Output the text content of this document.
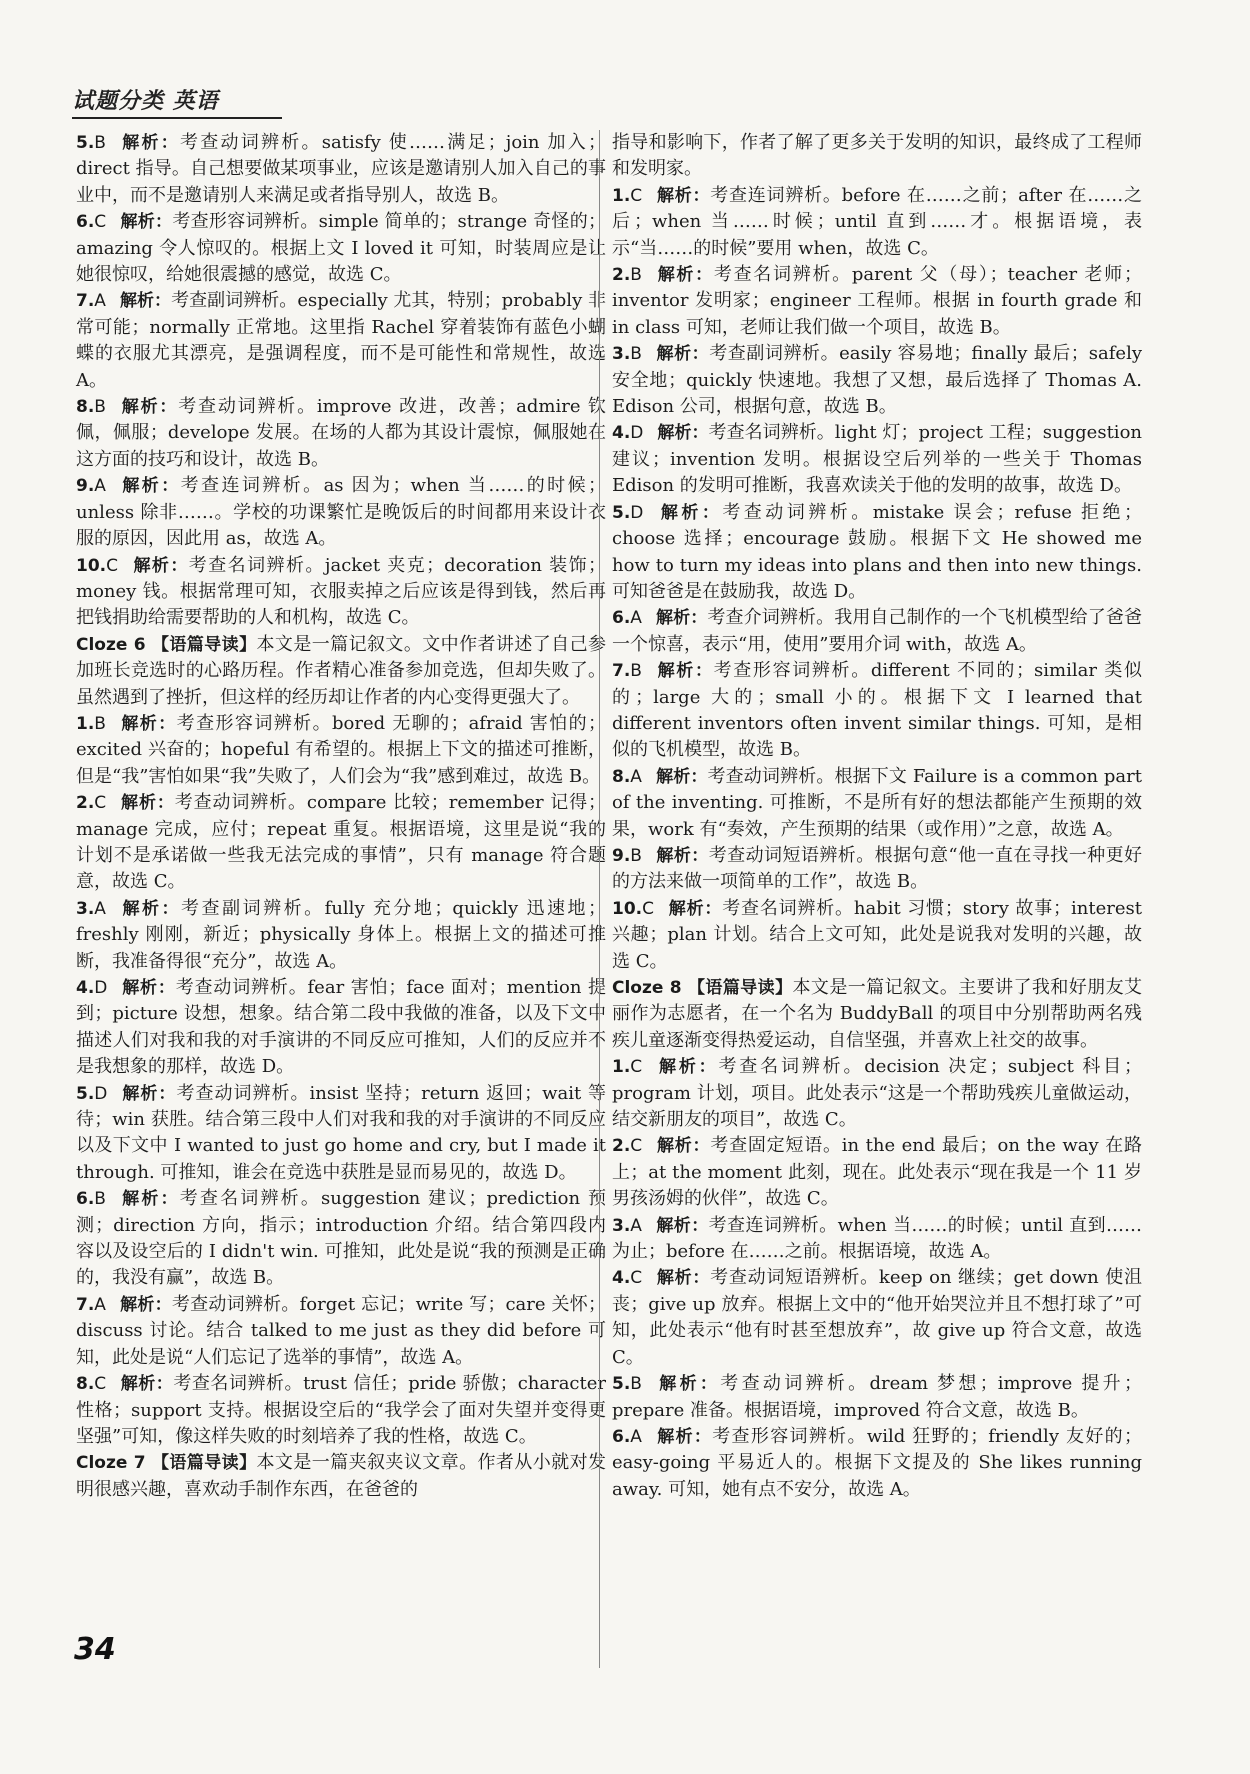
试题分类 英语

5.B 解析：考查动词辨析。satisfy 使……满足；join 加入；direct 指导。自己想要做某项事业，应该是邀请别人加入自己的事业中，而不是邀请别人来满足或者指导别人，故选 B。

6.C 解析：考查形容词辨析。simple 简单的；strange 奇怪的；amazing 令人惊叹的。根据上文 I loved it 可知，时装周应是让她很惊叹，给她很震撼的感觉，故选 C。

7.A 解析：考查副词辨析。especially 尤其，特别；probably 非常可能；normally 正常地。这里指 Rachel 穿着装饰有蓝色小蝴蝶的衣服尤其漂亮，是强调程度，而不是可能性和常规性，故选 A。

8.B 解析：考查动词辨析。improve 改进，改善；admire 钦佩，佩服；develope 发展。在场的人都为其设计震惊，佩服她在这方面的技巧和设计，故选 B。

9.A 解析：考查连词辨析。as 因为；when 当……的时候；unless 除非……。学校的功课繁忙是晚饭后的时间都用来设计衣服的原因，因此用 as，故选 A。

10.C 解析：考查名词辨析。jacket 夹克；decoration 装饰；money 钱。根据常理可知，衣服卖掉之后应该是得到钱，然后再把钱捐助给需要帮助的人和机构，故选 C。

Cloze 6 【语篇导读】本文是一篇记叙文。文中作者讲述了自己参加班长竞选时的心路历程。作者精心准备参加竞选，但却失败了。虽然遇到了挫折，但这样的经历却让作者的内心变得更强大了。

1.B 解析：考查形容词辨析。bored 无聊的；afraid 害怕的；excited 兴奋的；hopeful 有希望的。根据上下文的描述可推断，但是“我”害怕如果“我”失败了，人们会为“我”感到难过，故选 B。

2.C 解析：考查动词辨析。compare 比较；remember 记得；manage 完成，应付；repeat 重复。根据语境，这里是说“我的计划不是承诺做一些我无法完成的事情”，只有 manage 符合题意，故选 C。

3.A 解析：考查副词辨析。fully 充分地；quickly 迅速地；freshly 刚刚，新近；physically 身体上。根据上文的描述可推断，我准备得很“充分”，故选 A。

4.D 解析：考查动词辨析。fear 害怕；face 面对；mention 提到；picture 设想，想象。结合第二段中我做的准备，以及下文中描述人们对我和我的对手演讲的不同反应可推知，人们的反应并不是我想象的那样，故选 D。

5.D 解析：考查动词辨析。insist 坚持；return 返回；wait 等待；win 获胜。结合第三段中人们对我和我的对手演讲的不同反应以及下文中 I wanted to just go home and cry, but I made it through. 可推知，谁会在竞选中获胜是显而易见的，故选 D。

6.B 解析：考查名词辨析。suggestion 建议；prediction 预测；direction 方向，指示；introduction 介绍。结合第四段内容以及设空后的 I didn't win. 可推知，此处是说“我的预测是正确的，我没有赢”，故选 B。

7.A 解析：考查动词辨析。forget 忘记；write 写；care 关怀；discuss 讨论。结合 talked to me just as they did before 可知，此处是说“人们忘记了选举的事情”，故选 A。

8.C 解析：考查名词辨析。trust 信任；pride 骄傲；character 性格；support 支持。根据设空后的“我学会了面对失望并变得更坚强”可知，像这样失败的时刻培养了我的性格，故选 C。

Cloze 7 【语篇导读】本文是一篇夹叙夹议文章。作者从小就对发明很感兴趣，喜欢动手制作东西，在爸爸的

指导和影响下，作者了解了更多关于发明的知识，最终成了工程师和发明家。

1.C 解析：考查连词辨析。before 在……之前；after 在……之后；when 当……时候；until 直到……才。根据语境，表示“当……的时候”要用 when，故选 C。

2.B 解析：考查名词辨析。parent 父（母）；teacher 老师；inventor 发明家；engineer 工程师。根据 in fourth grade 和 in class 可知，老师让我们做一个项目，故选 B。

3.B 解析：考查副词辨析。easily 容易地；finally 最后；safely 安全地；quickly 快速地。我想了又想，最后选择了 Thomas A. Edison 公司，根据句意，故选 B。

4.D 解析：考查名词辨析。light 灯；project 工程；suggestion 建议；invention 发明。根据设空后列举的一些关于 Thomas Edison 的发明可推断，我喜欢读关于他的发明的故事，故选 D。

5.D 解析：考查动词辨析。mistake 误会；refuse 拒绝；choose 选择；encourage 鼓励。根据下文 He showed me how to turn my ideas into plans and then into new things. 可知爸爸是在鼓励我，故选 D。

6.A 解析：考查介词辨析。我用自己制作的一个飞机模型给了爸爸一个惊喜，表示“用，使用”要用介词 with，故选 A。

7.B 解析：考查形容词辨析。different 不同的；similar 类似的；large 大的；small 小的。根据下文 I learned that different inventors often invent similar things. 可知，是相似的飞机模型，故选 B。

8.A 解析：考查动词辨析。根据下文 Failure is a common part of the inventing. 可推断，不是所有好的想法都能产生预期的效果，work 有“奏效，产生预期的结果（或作用）”之意，故选 A。

9.B 解析：考查动词短语辨析。根据句意“他一直在寻找一种更好的方法来做一项简单的工作”，故选 B。

10.C 解析：考查名词辨析。habit 习惯；story 故事；interest 兴趣；plan 计划。结合上文可知，此处是说我对发明的兴趣，故选 C。

Cloze 8 【语篇导读】本文是一篇记叙文。主要讲了我和好朋友艾丽作为志愿者，在一个名为 BuddyBall 的项目中分别帮助两名残疾儿童逐渐变得热爱运动，自信坚强，并喜欢上社交的故事。

1.C 解析：考查名词辨析。decision 决定；subject 科目；program 计划，项目。此处表示“这是一个帮助残疾儿童做运动，结交新朋友的项目”，故选 C。

2.C 解析：考查固定短语。in the end 最后；on the way 在路上；at the moment 此刻，现在。此处表示“现在我是一个 11 岁男孩汤姆的伙伴”，故选 C。

3.A 解析：考查连词辨析。when 当……的时候；until 直到……为止；before 在……之前。根据语境，故选 A。

4.C 解析：考查动词短语辨析。keep on 继续；get down 使沮丧；give up 放弃。根据上文中的“他开始哭泣并且不想打球了”可知，此处表示“他有时甚至想放弃”，故 give up 符合文意，故选 C。

5.B 解析：考查动词辨析。dream 梦想；improve 提升；prepare 准备。根据语境，improved 符合文意，故选 B。

6.A 解析：考查形容词辨析。wild 狂野的；friendly 友好的；easy-going 平易近人的。根据下文提及的 She likes running away. 可知，她有点不安分，故选 A。

34
